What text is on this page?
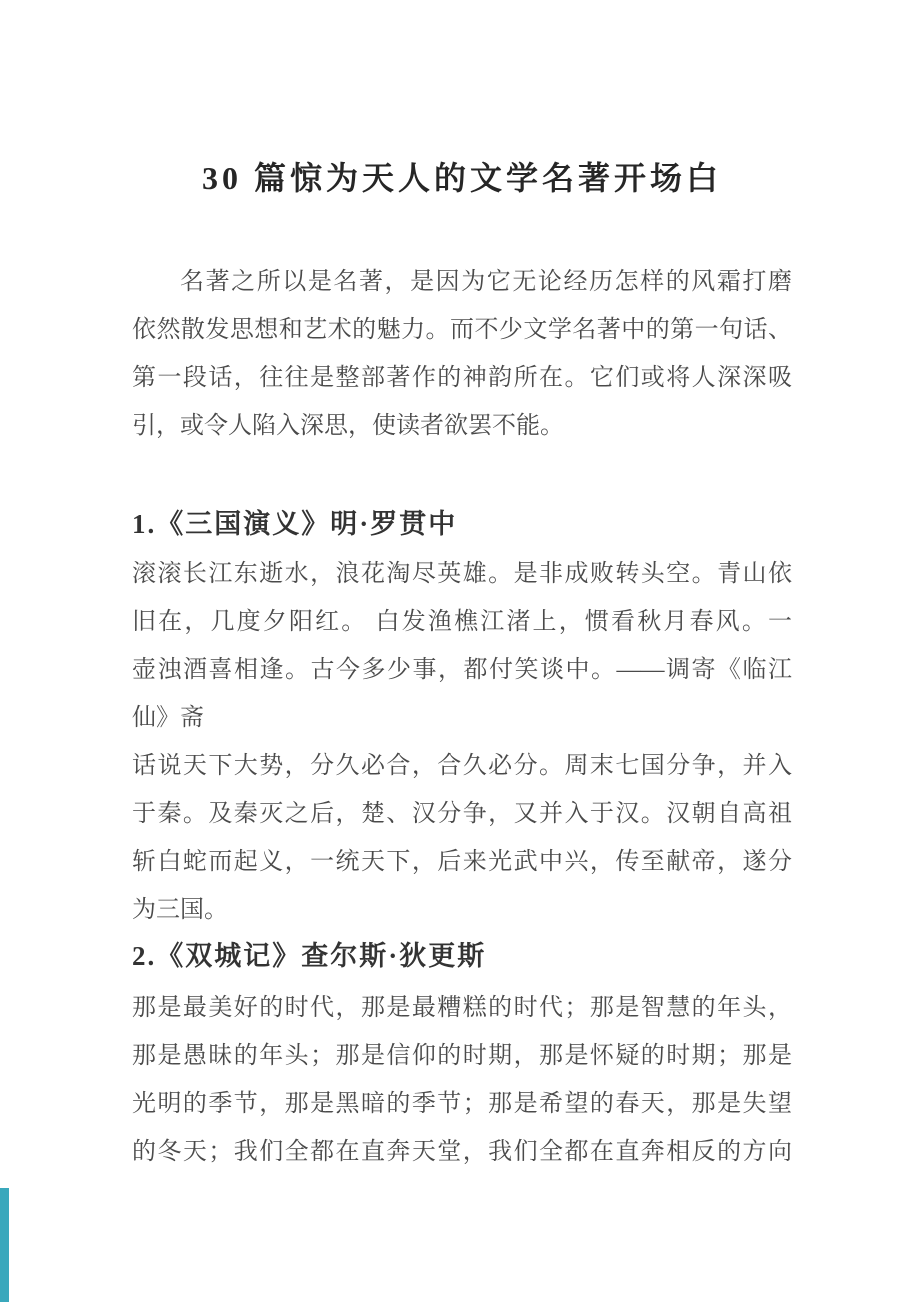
30 篇惊为天人的文学名著开场白
名著之所以是名著，是因为它无论经历怎样的风霜打磨
依然散发思想和艺术的魅力。而不少文学名著中的第一句话、
第一段话，往往是整部著作的神韵所在。它们或将人深深吸
引，或令人陷入深思，使读者欲罢不能。
1.《三国演义》明·罗贯中
滚滚长江东逝水，浪花淘尽英雄。是非成败转头空。青山依
旧在，几度夕阳红。 白发渔樵江渚上，惯看秋月春风。一
壶浊酒喜相逢。古今多少事，都付笑谈中。——调寄《临江
仙》斋
话说天下大势，分久必合，合久必分。周末七国分争，并入
于秦。及秦灭之后，楚、汉分争，又并入于汉。汉朝自高祖
斩白蛇而起义，一统天下，后来光武中兴，传至献帝，遂分
为三国。
2.《双城记》查尔斯·狄更斯
那是最美好的时代，那是最糟糕的时代；那是智慧的年头，
那是愚昧的年头；那是信仰的时期，那是怀疑的时期；那是
光明的季节，那是黑暗的季节；那是希望的春天，那是失望
的冬天；我们全都在直奔天堂，我们全都在直奔相反的方向
